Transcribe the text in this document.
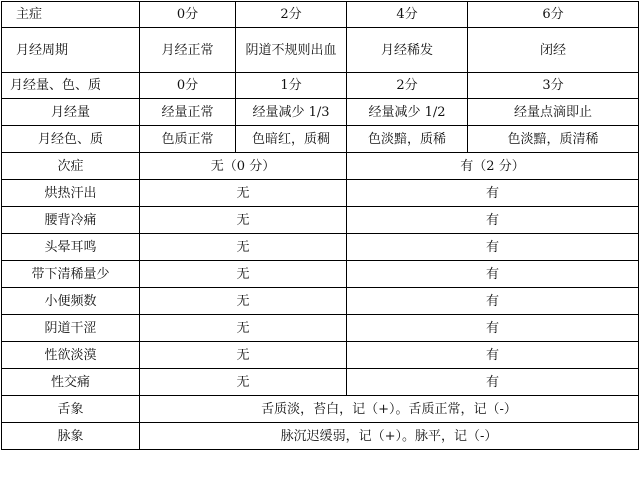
主症	0分	2分	4分	6分
月经周期	月经正常	阴道不规则出血	月经稀发	闭经
月经量、色、质	0分	1分	2分	3分
月经量	经量正常	经量减少 1/3	经量减少 1/2	经量点滴即止
月经色、质	色质正常	色暗红，质稠	色淡黯，质稀	色淡黯，质清稀
次症	无（0 分）		有（2 分）	
烘热汗出	无		有	
腰背冷痛	无		有	
头晕耳鸣	无		有	
带下清稀量少	无		有	
小便频数	无		有	
阴道干涩	无		有	
性欲淡漠	无		有	
性交痛	无		有	
舌象	舌质淡，苔白，记（+）。舌质正常，记（-）			
脉象	脉沉迟缓弱，记（+）。脉平，记（-）			
